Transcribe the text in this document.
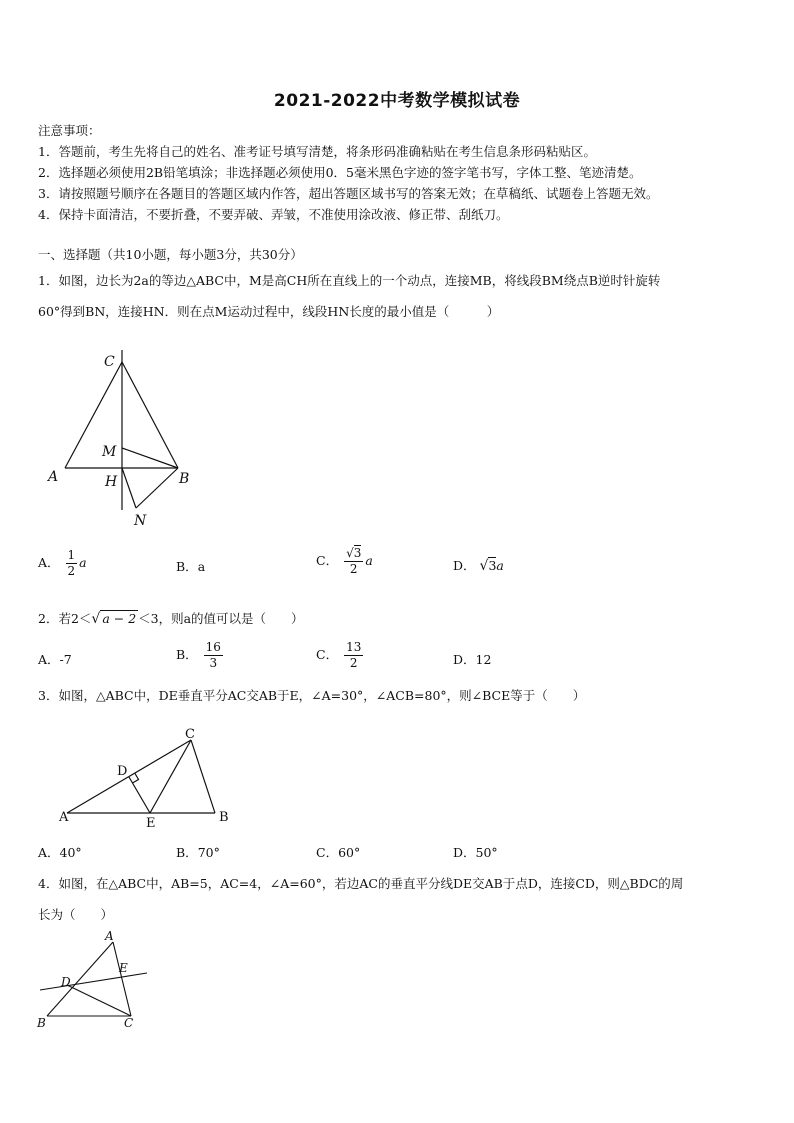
2021-2022中考数学模拟试卷
注意事项：
1．答题前，考生先将自己的姓名、准考证号填写清楚，将条形码准确粘贴在考生信息条形码粘贴区。
2．选择题必须使用2B铅笔填涂；非选择题必须使用0．5毫米黑色字迹的签字笔书写，字体工整、笔迹清楚。
3．请按照题号顺序在各题目的答题区域内作答，超出答题区域书写的答案无效；在草稿纸、试题卷上答题无效。
4．保持卡面清洁，不要折叠，不要弄破、弄皱，不准使用涂改液、修正带、刮纸刀。
一、选择题（共10小题，每小题3分，共30分）
1．如图，边长为2a的等边△ABC中，M是高CH所在直线上的一个动点，连接MB，将线段BM绕点B逆时针旋转
60°得到BN，连接HN．则在点M运动过程中，线段HN长度的最小值是（　　　）
C
M
A	H	B
N
A． $\frac{1}{2}$ a	B．a	C． $\frac{√3}{2}$ a	D． √3a
2．若2＜√ a − 2 ＜3，则a的值可以是（　　）
A．-7	B． $\frac{16}{3}$	C． $\frac{13}{2}$	D．12
3．如图，△ABC中，DE垂直平分AC交AB于E，∠A=30°，∠ACB=80°，则∠BCE等于（　　）
C
D
A	E	B
A．40°	B．70°	C．60°	D．50°
4．如图，在△ABC中，AB=5，AC=4，∠A=60°，若边AC的垂直平分线DE交AB于点D，连接CD，则△BDC的周
长为（　　）
A
E
D
B	C
